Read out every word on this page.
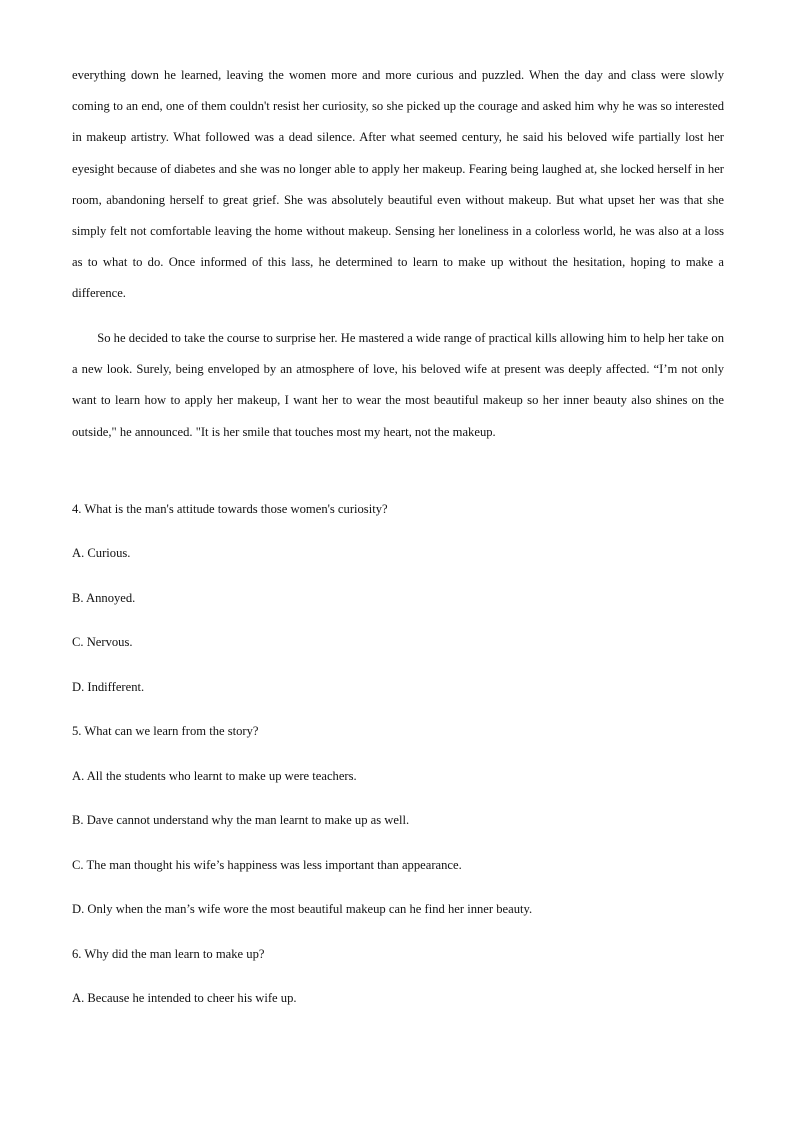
everything down he learned, leaving the women more and more curious and puzzled. When the day and class were slowly coming to an end, one of them couldn't resist her curiosity, so she picked up the courage and asked him why he was so interested in makeup artistry. What followed was a dead silence. After what seemed century, he said his beloved wife partially lost her eyesight because of diabetes and she was no longer able to apply her makeup. Fearing being laughed at, she locked herself in her room, abandoning herself to great grief. She was absolutely beautiful even without makeup. But what upset her was that she simply felt not comfortable leaving the home without makeup. Sensing her loneliness in a colorless world, he was also at a loss as to what to do. Once informed of this lass, he determined to learn to make up without the hesitation, hoping to make a difference.

So he decided to take the course to surprise her. He mastered a wide range of practical kills allowing him to help her take on a new look. Surely, being enveloped by an atmosphere of love, his beloved wife at present was deeply affected. “I’m not only want to learn how to apply her makeup, I want her to wear the most beautiful makeup so her inner beauty also shines on the outside," he announced. "It is her smile that touches most my heart, not the makeup.

4. What is the man's attitude towards those women's curiosity?

A. Curious.

B. Annoyed.

C. Nervous.

D. Indifferent.

5. What can we learn from the story?

A. All the students who learnt to make up were teachers.

B. Dave cannot understand why the man learnt to make up as well.

C. The man thought his wife’s happiness was less important than appearance.

D. Only when the man’s wife wore the most beautiful makeup can he find her inner beauty.

6. Why did the man learn to make up?

A. Because he intended to cheer his wife up.
